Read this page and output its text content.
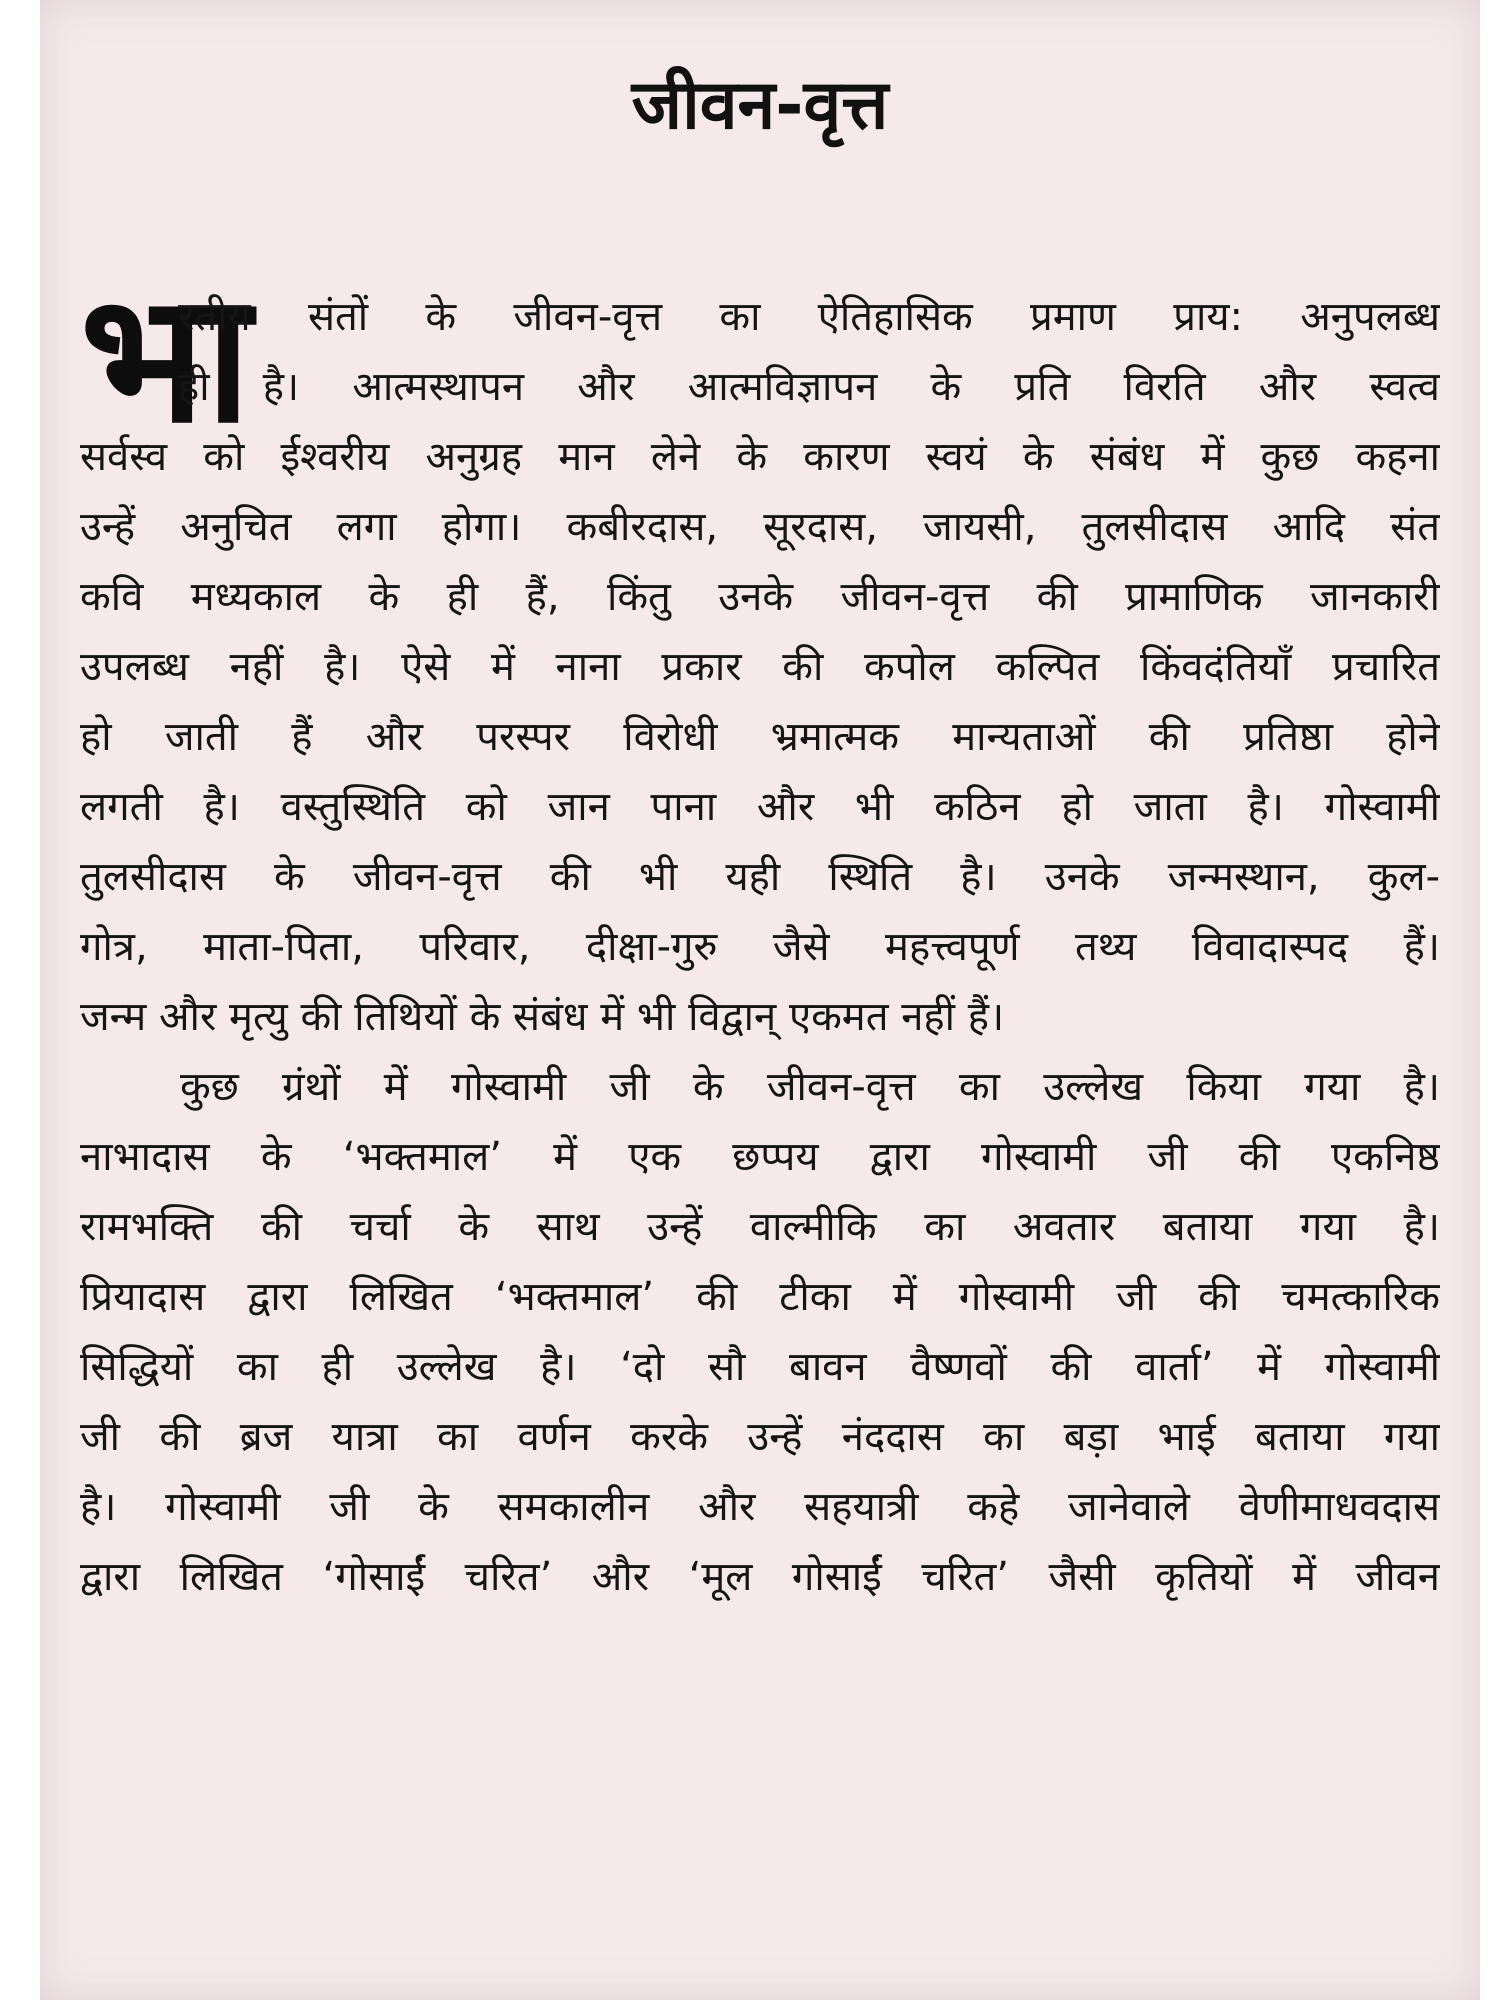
जीवन-वृत्त
भा
रतीय संतों के जीवन-वृत्त का ऐतिहासिक प्रमाण प्राय: अनुपलब्ध
ही है। आत्मस्थापन और आत्मविज्ञापन के प्रति विरति और स्वत्व
सर्वस्व को ईश्वरीय अनुग्रह मान लेने के कारण स्वयं के संबंध में कुछ कहना
उन्हें अनुचित लगा होगा। कबीरदास, सूरदास, जायसी, तुलसीदास आदि संत
कवि मध्यकाल के ही हैं, किंतु उनके जीवन-वृत्त की प्रामाणिक जानकारी
उपलब्ध नहीं है। ऐसे में नाना प्रकार की कपोल कल्पित किंवदंतियाँ प्रचारित
हो जाती हैं और परस्पर विरोधी भ्रमात्मक मान्यताओं की प्रतिष्ठा होने
लगती है। वस्तुस्थिति को जान पाना और भी कठिन हो जाता है। गोस्वामी
तुलसीदास के जीवन-वृत्त की भी यही स्थिति है। उनके जन्मस्थान, कुल-
गोत्र, माता-पिता, परिवार, दीक्षा-गुरु जैसे महत्त्वपूर्ण तथ्य विवादास्पद हैं।
जन्म और मृत्यु की तिथियों के संबंध में भी विद्वान् एकमत नहीं हैं।
कुछ ग्रंथों में गोस्वामी जी के जीवन-वृत्त का उल्लेख किया गया है।
नाभादास के ‘भक्तमाल’ में एक छप्पय द्वारा गोस्वामी जी की एकनिष्ठ
रामभक्ति की चर्चा के साथ उन्हें वाल्मीकि का अवतार बताया गया है।
प्रियादास द्वारा लिखित ‘भक्तमाल’ की टीका में गोस्वामी जी की चमत्कारिक
सिद्धियों का ही उल्लेख है। ‘दो सौ बावन वैष्णवों की वार्ता’ में गोस्वामी
जी की ब्रज यात्रा का वर्णन करके उन्हें नंददास का बड़ा भाई बताया गया
है। गोस्वामी जी के समकालीन और सहयात्री कहे जानेवाले वेणीमाधवदास
द्वारा लिखित ‘गोसाईं चरित’ और ‘मूल गोसाईं चरित’ जैसी कृतियों में जीवन
